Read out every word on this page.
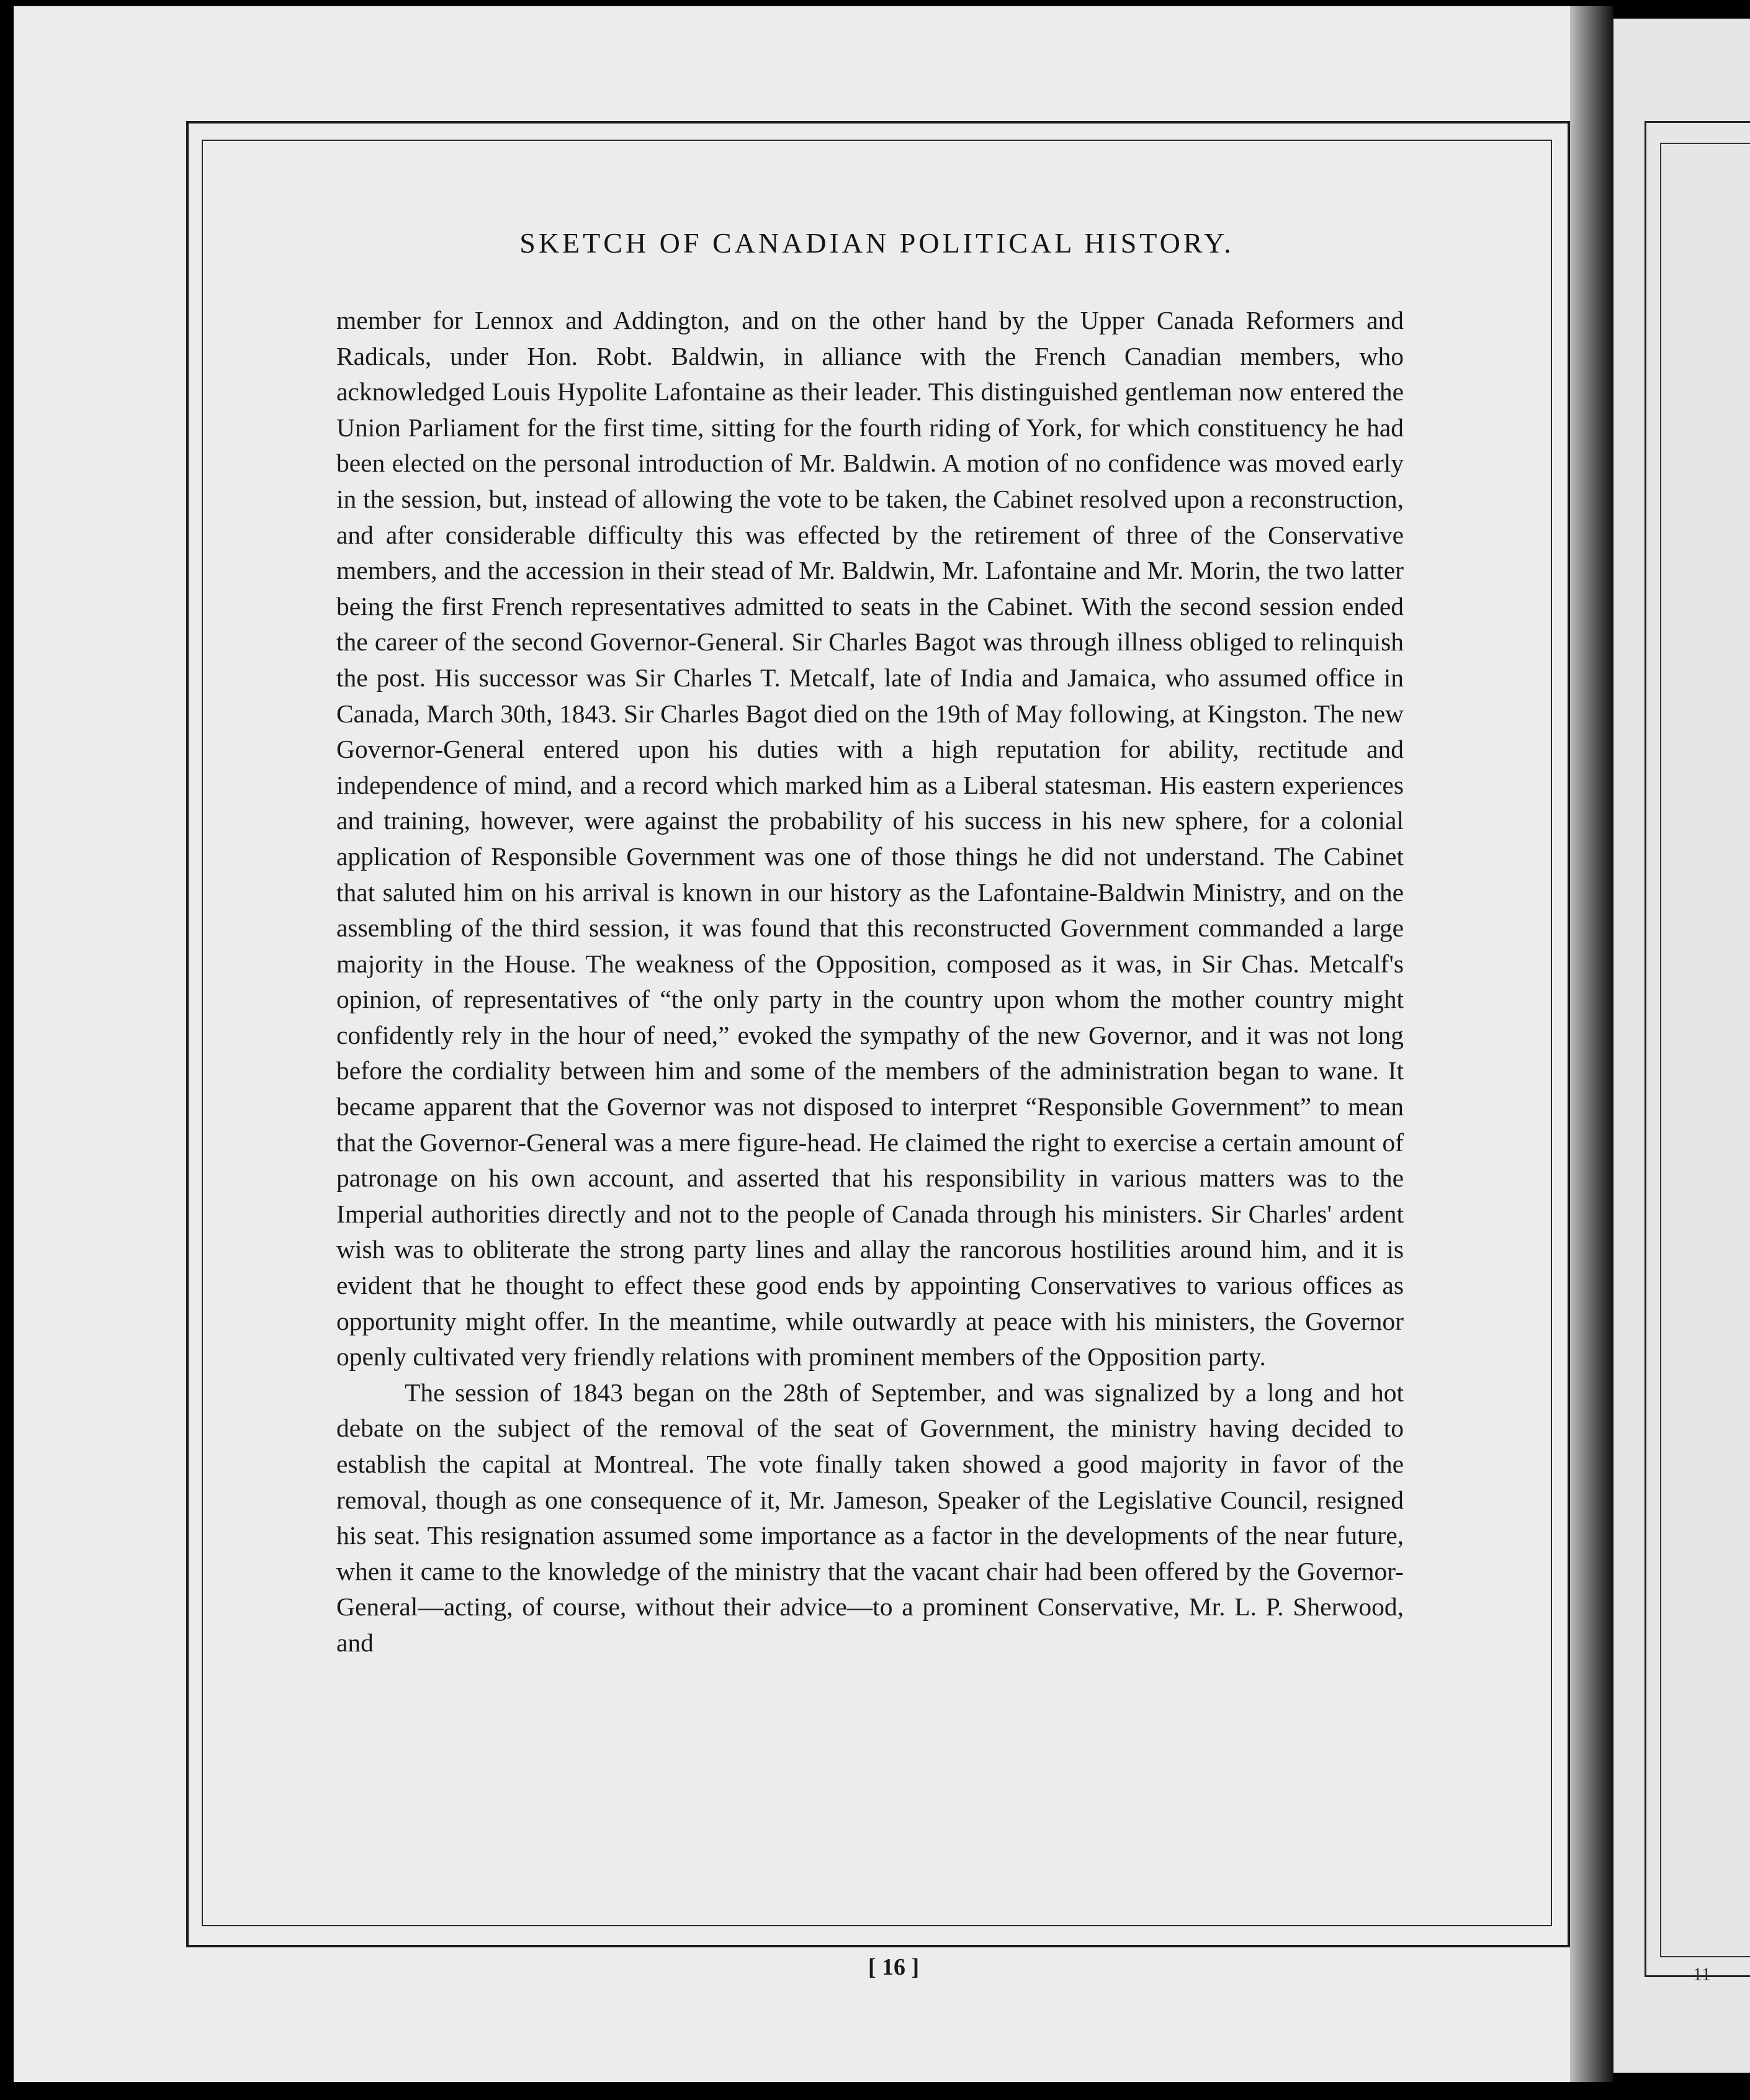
11
SKETCH OF CANADIAN POLITICAL HISTORY.

member for Lennox and Addington, and on the other hand by the Upper Canada Reformers and Radicals, under Hon. Robt. Baldwin, in alliance with the French Canadian members, who acknowledged Louis Hypolite Lafontaine as their leader. This distinguished gentleman now entered the Union Parliament for the first time, sitting for the fourth riding of York, for which constituency he had been elected on the personal introduction of Mr. Baldwin. A motion of no confidence was moved early in the session, but, instead of allowing the vote to be taken, the Cabinet resolved upon a reconstruction, and after considerable difficulty this was effected by the retirement of three of the Conservative members, and the accession in their stead of Mr. Baldwin, Mr. Lafontaine and Mr. Morin, the two latter being the first French representatives admitted to seats in the Cabinet. With the second session ended the career of the second Governor-General. Sir Charles Bagot was through illness obliged to relinquish the post. His successor was Sir Charles T. Metcalf, late of India and Jamaica, who assumed office in Canada, March 30th, 1843. Sir Charles Bagot died on the 19th of May following, at Kingston. The new Governor-General entered upon his duties with a high reputation for ability, rectitude and independence of mind, and a record which marked him as a Liberal statesman. His eastern experiences and training, however, were against the probability of his success in his new sphere, for a colonial application of Responsible Government was one of those things he did not understand. The Cabinet that saluted him on his arrival is known in our history as the Lafontaine-Baldwin Ministry, and on the assembling of the third session, it was found that this reconstructed Government commanded a large majority in the House. The weakness of the Opposition, composed as it was, in Sir Chas. Metcalf's opinion, of representatives of “the only party in the country upon whom the mother country might confidently rely in the hour of need,” evoked the sympathy of the new Governor, and it was not long before the cordiality between him and some of the members of the administration began to wane. It became apparent that the Governor was not disposed to interpret “Responsible Government” to mean that the Governor-General was a mere figure-head. He claimed the right to exercise a certain amount of patronage on his own account, and asserted that his responsibility in various matters was to the Imperial authorities directly and not to the people of Canada through his ministers. Sir Charles' ardent wish was to obliterate the strong party lines and allay the rancorous hostilities around him, and it is evident that he thought to effect these good ends by appointing Conservatives to various offices as opportunity might offer. In the meantime, while outwardly at peace with his ministers, the Governor openly cultivated very friendly relations with prominent members of the Opposition party.

The session of 1843 began on the 28th of September, and was signalized by a long and hot debate on the subject of the removal of the seat of Government, the ministry having decided to establish the capital at Montreal. The vote finally taken showed a good majority in favor of the removal, though as one consequence of it, Mr. Jameson, Speaker of the Legislative Council, resigned his seat. This resignation assumed some importance as a factor in the developments of the near future, when it came to the knowledge of the ministry that the vacant chair had been offered by the Governor-General—acting, of course, without their advice—to a prominent Conservative, Mr. L. P. Sherwood, and

[ 16 ]
